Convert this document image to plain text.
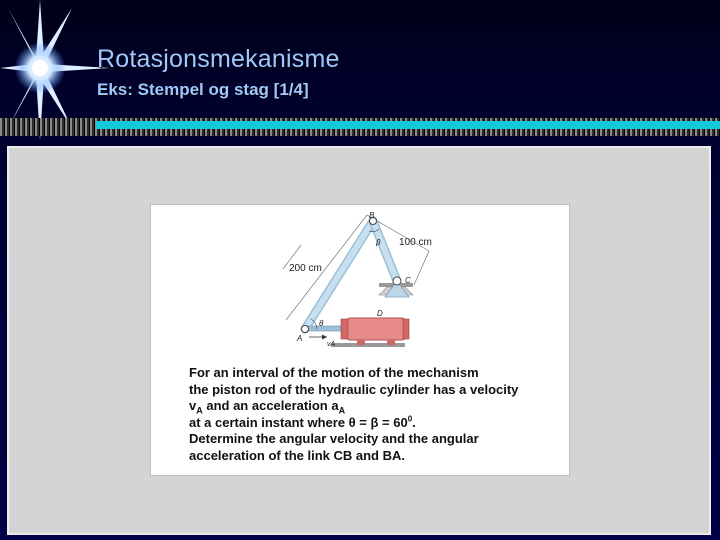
Rotasjonsmekanisme
Eks: Stempel og stag [1/4]
B
β 100 cm
200 cm
C
θ
D
A
vA
For an interval of the motion of the mechanism
the piston rod of the hydraulic cylinder has a velocity
$v_A$ and an acceleration $a_A$
at a certain instant where $\theta = \beta = 60^0$.
Determine the angular velocity and the angular
acceleration of the link CB and BA.
